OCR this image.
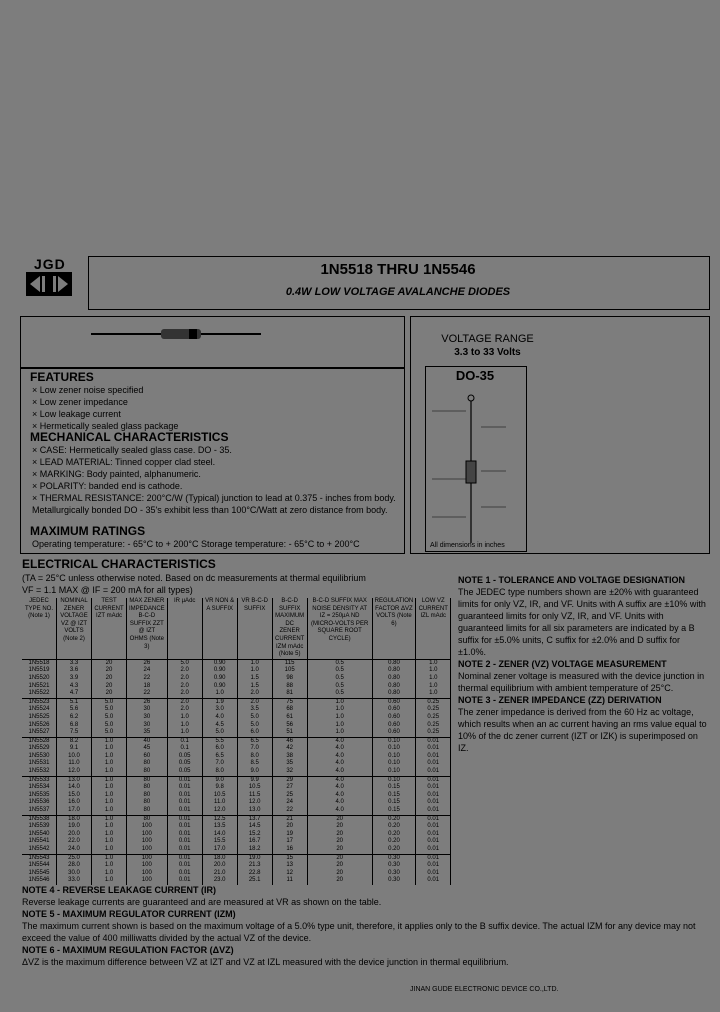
JGD	1N5518 THRU 1N5546
0.4W LOW VOLTAGE AVALANCHE DIODES
VOLTAGE RANGE
3.3 to 33 Volts
DO-35
All dimensions in inches
FEATURES
× Low zener noise specified
× Low zener impedance
× Low leakage current
× Hermetically sealed glass package
MECHANICAL CHARACTERISTICS
× CASE: Hermetically sealed glass case. DO - 35.
× LEAD MATERIAL: Tinned copper clad steel.
× MARKING: Body painted, alphanumeric.
× POLARITY: banded end is cathode.
× THERMAL RESISTANCE: 200°C/W (Typical) junction to lead at 0.375 - inches from body. Metallurgically bonded DO - 35's exhibit less than 100°C/Watt at zero distance from body.
MAXIMUM RATINGS
Operating temperature: - 65°C to + 200°C Storage temperature: - 65°C to + 200°C
ELECTRICAL CHARACTERISTICS
(TA = 25°C unless otherwise noted. Based on dc measurements at thermal equilibrium
VF = 1.1 MAX @ IF = 200 mA for all types)
JEDEC TYPE NO. (Note 1)	NOMINAL ZENER VOLTAGE VZ @ IZT VOLTS (Note 2)	TEST CURRENT IZT mAdc	MAX ZENER IMPEDANCE B-C-D SUFFIX ZZT @ IZT OHMS (Note 3)	IR µAdc	VR NON & A SUFFIX	VR B-C-D SUFFIX	B-C-D SUFFIX MAXIMUM DC ZENER CURRENT IZM mAdc (Note 5)	B-C-D SUFFIX MAX NOISE DENSITY AT IZ = 250µA ND (MICRO-VOLTS PER SQUARE ROOT CYCLE)	REGULATION FACTOR ΔVZ VOLTS (Note 6)	LOW VZ CURRENT IZL mAdc
1N5518	3.3	20	26	5.0	0.90	1.0	115	0.5	0.80	1.0
1N5519	3.6	20	24	2.0	0.90	1.0	105	0.5	0.80	1.0
1N5520	3.9	20	22	2.0	0.90	1.5	98	0.5	0.80	1.0
1N5521	4.3	20	18	2.0	0.90	1.5	88	0.5	0.80	1.0
1N5522	4.7	20	22	2.0	1.0	2.0	81	0.5	0.80	1.0
1N5523	5.1	5.0	26	2.0	1.9	2.0	75	1.0	0.60	0.25
1N5524	5.6	5.0	30	2.0	3.0	3.5	68	1.0	0.60	0.25
1N5525	6.2	5.0	30	1.0	4.0	5.0	61	1.0	0.60	0.25
1N5526	6.8	5.0	30	1.0	4.5	5.0	56	1.0	0.60	0.25
1N5527	7.5	5.0	35	1.0	5.0	6.0	51	1.0	0.60	0.25
1N5528	8.2	1.0	40	0.1	5.5	6.5	46	4.0	0.10	0.01
1N5529	9.1	1.0	45	0.1	6.0	7.0	42	4.0	0.10	0.01
1N5530	10.0	1.0	60	0.05	6.5	8.0	38	4.0	0.10	0.01
1N5531	11.0	1.0	80	0.05	7.0	8.5	35	4.0	0.10	0.01
1N5532	12.0	1.0	80	0.05	8.0	9.0	32	4.0	0.10	0.01
1N5533	13.0	1.0	80	0.01	9.0	9.9	29	4.0	0.10	0.01
1N5534	14.0	1.0	80	0.01	9.8	10.5	27	4.0	0.15	0.01
1N5535	15.0	1.0	80	0.01	10.5	11.5	25	4.0	0.15	0.01
1N5536	16.0	1.0	80	0.01	11.0	12.0	24	4.0	0.15	0.01
1N5537	17.0	1.0	80	0.01	12.0	13.0	22	4.0	0.15	0.01
1N5538	18.0	1.0	80	0.01	12.5	13.7	21	20	0.20	0.01
1N5539	19.0	1.0	100	0.01	13.5	14.5	20	20	0.20	0.01
1N5540	20.0	1.0	100	0.01	14.0	15.2	19	20	0.20	0.01
1N5541	22.0	1.0	100	0.01	15.5	16.7	17	20	0.20	0.01
1N5542	24.0	1.0	100	0.01	17.0	18.2	16	20	0.20	0.01
1N5543	25.0	1.0	100	0.01	18.0	19.0	15	20	0.30	0.01
1N5544	28.0	1.0	100	0.01	20.0	21.3	13	20	0.30	0.01
1N5545	30.0	1.0	100	0.01	21.0	22.8	12	20	0.30	0.01
1N5546	33.0	1.0	100	0.01	23.0	25.1	11	20	0.30	0.01
NOTE 1 - TOLERANCE AND VOLTAGE DESIGNATION
The JEDEC type numbers shown are ±20% with guaranteed limits for only VZ, IR, and VF. Units with A suffix are ±10% with guaranteed limits for only VZ, IR, and VF. Units with guaranteed limits for all six parameters are indicated by a B suffix for ±5.0% units, C suffix for ±2.0% and D suffix for ±1.0%.
NOTE 2 - ZENER (VZ) VOLTAGE MEASUREMENT
Nominal zener voltage is measured with the device junction in thermal equilibrium with ambient temperature of 25°C.
NOTE 3 - ZENER IMPEDANCE (ZZ) DERIVATION
The zener impedance is derived from the 60 Hz ac voltage, which results when an ac current having an rms value equal to 10% of the dc zener current (IZT or IZK) is superimposed on IZ.
NOTE 4 - REVERSE LEAKAGE CURRENT (IR)
Reverse leakage currents are guaranteed and are measured at VR as shown on the table.
NOTE 5 - MAXIMUM REGULATOR CURRENT (IZM)
The maximum current shown is based on the maximum voltage of a 5.0% type unit, therefore, it applies only to the B suffix device. The actual IZM for any device may not exceed the value of 400 milliwatts divided by the actual VZ of the device.
NOTE 6 - MAXIMUM REGULATION FACTOR (ΔVZ)
ΔVZ is the maximum difference between VZ at IZT and VZ at IZL measured with the device junction in thermal equilibrium.
JINAN GUDE ELECTRONIC DEVICE CO.,LTD.
